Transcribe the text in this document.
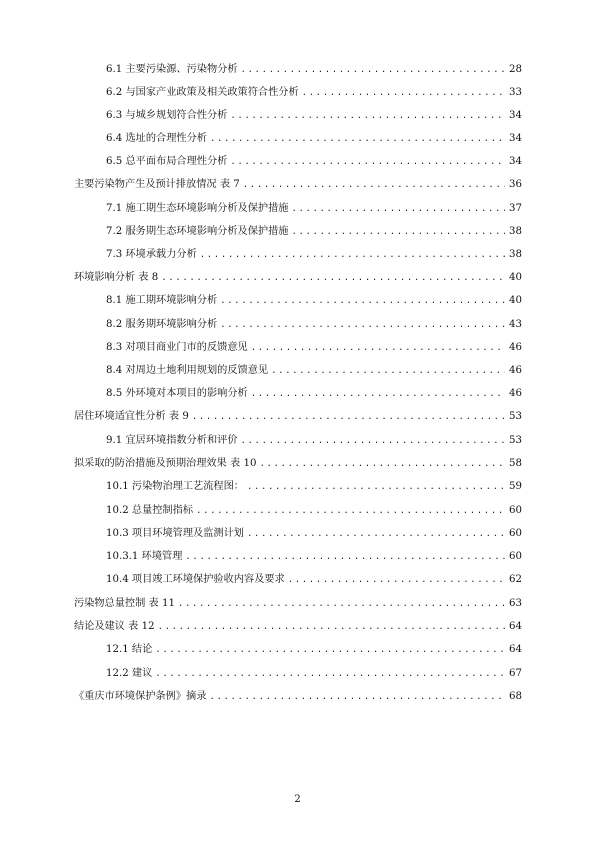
6.1 主要污染源、污染物分析 .....	28
6.2 与国家产业政策及相关政策符合性分析 .....	33
6.3 与城乡规划符合性分析 .....	34
6.4 选址的合理性分析 .....	34
6.5 总平面布局合理性分析 .....	34
主要污染物产生及预计排放情况 表 7 .....	36
7.1 施工期生态环境影响分析及保护措施 .....	37
7.2 服务期生态环境影响分析及保护措施 .....	38
7.3 环境承载力分析 .....	38
环境影响分析 表 8 .....	40
8.1 施工期环境影响分析 .....	40
8.2 服务期环境影响分析 .....	43
8.3 对项目商业门市的反馈意见 .....	46
8.4 对周边土地利用规划的反馈意见 .....	46
8.5 外环境对本项目的影响分析 .....	46
居住环境适宜性分析 表 9 .....	53
9.1 宜居环境指数分析和评价 .....	53
拟采取的防治措施及预期治理效果 表 10 .....	58
10.1 污染物治理工艺流程图： .....	59
10.2 总量控制指标 .....	60
10.3 项目环境管理及监测计划 .....	60
10.3.1 环境管理 .....	60
10.4 项目竣工环境保护验收内容及要求 .....	62
污染物总量控制 表 11 .....	63
结论及建议 表 12 .....	64
12.1 结论 .....	64
12.2 建议 .....	67
《重庆市环境保护条例》摘录 .....	68
2
